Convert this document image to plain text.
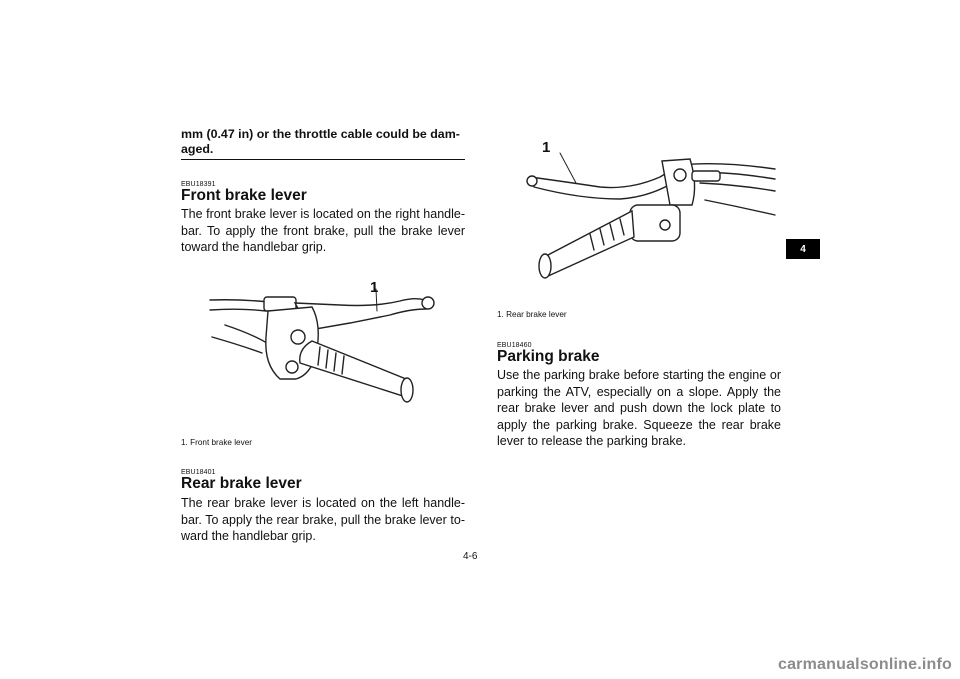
mm (0.47 in) or the throttle cable could be dam-aged.
EBU18391
Front brake lever
The front brake lever is located on the right handle-bar. To apply the front brake, pull the brake lever toward the handlebar grip.
1
1. Front brake lever
EBU18401
Rear brake lever
The rear brake lever is located on the left handle-bar. To apply the rear brake, pull the brake lever to-ward the handlebar grip.
1
1. Rear brake lever
EBU18460
Parking brake
Use the parking brake before starting the engine or parking the ATV, especially on a slope. Apply the rear brake lever and push down the lock plate to apply the parking brake. Squeeze the rear brake lever to release the parking brake.
4
4-6
carmanualsonline.info
